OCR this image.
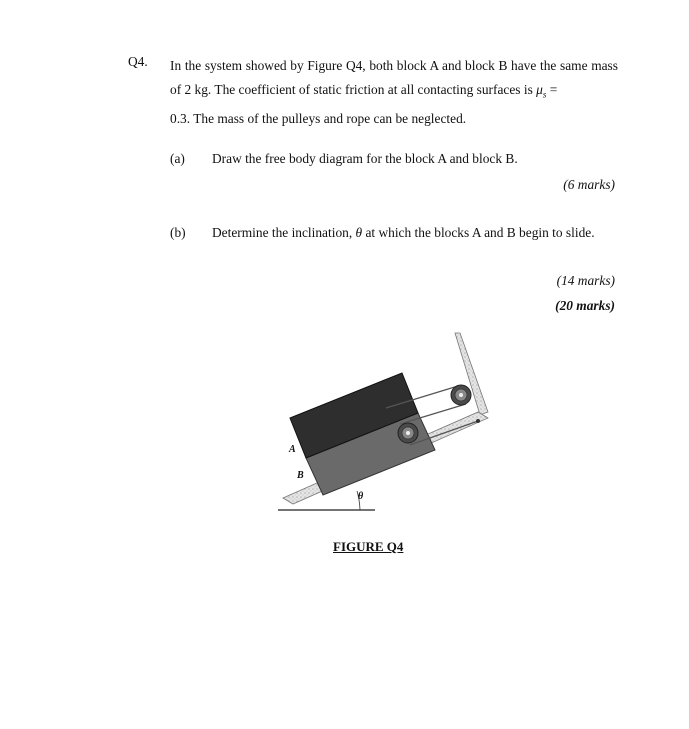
Q4. In the system showed by Figure Q4, both block A and block B have the same mass of 2 kg. The coefficient of static friction at all contacting surfaces is $\mu_s$ =
0.3. The mass of the pulleys and rope can be neglected.
(a) Draw the free body diagram for the block A and block B.
(6 marks)
(b) Determine the inclination, θ at which the blocks A and B begin to slide.
(14 marks)
(20 marks)
A
B
θ
FIGURE Q4
